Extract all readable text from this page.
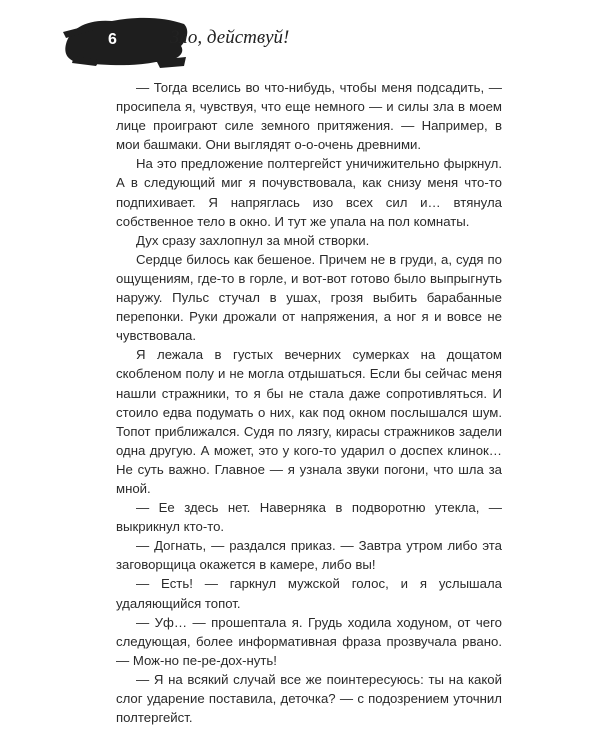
6	Зло, действуй!

— Тогда вселись во что-нибудь, чтобы меня подсадить, — просипела я, чувствуя, что еще немного — и силы зла в моем лице проиграют силе земного притяжения. — Например, в мои башмаки. Они выглядят о-о-очень древними.

На это предложение полтергейст уничижительно фыркнул. А в следующий миг я почувствовала, как снизу меня что-то подпихивает. Я напряглась изо всех сил и… втянула собственное тело в окно. И тут же упала на пол комнаты.

Дух сразу захлопнул за мной створки.

Сердце билось как бешеное. Причем не в груди, а, судя по ощущениям, где-то в горле, и вот-вот готово было выпрыгнуть наружу. Пульс стучал в ушах, грозя выбить барабанные перепонки. Руки дрожали от напряжения, а ног я и вовсе не чувствовала.

Я лежала в густых вечерних сумерках на дощатом скобленом полу и не могла отдышаться. Если бы сейчас меня нашли стражники, то я бы не стала даже сопротивляться. И стоило едва подумать о них, как под окном послышался шум. Топот приближался. Судя по лязгу, кирасы стражников задели одна другую. А может, это у кого-то ударил о доспех клинок… Не суть важно. Главное — я узнала звуки погони, что шла за мной.

— Ее здесь нет. Наверняка в подворотню утекла, — выкрикнул кто-то.

— Догнать, — раздался приказ. — Завтра утром либо эта заговорщица окажется в камере, либо вы!

— Есть! — гаркнул мужской голос, и я услышала удаляющийся топот.

— Уф… — прошептала я. Грудь ходила ходуном, от чего следующая, более информативная фраза прозвучала рвано. — Мож-но пе-ре-дох-нуть!

— Я на всякий случай все же поинтересуюсь: ты на какой слог ударение поставила, деточка? — с подозрением уточнил полтергейст.
